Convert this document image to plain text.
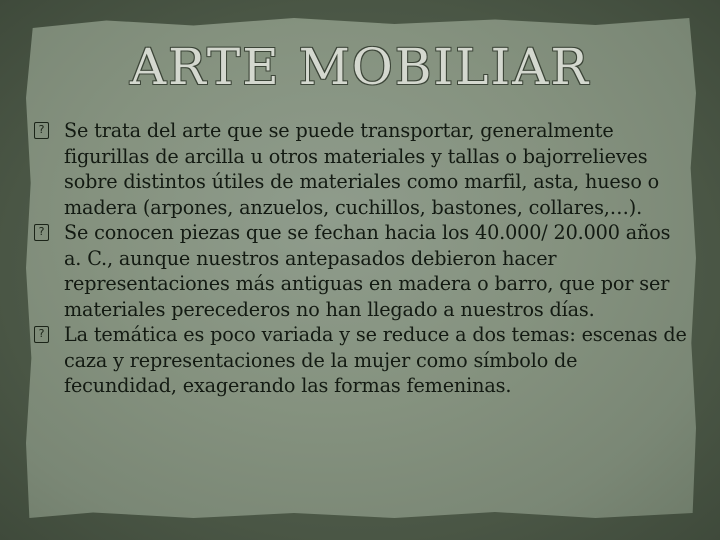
ARTE MOBILIAR

? Se trata del arte que se puede transportar, generalmente figurillas de arcilla u otros materiales y tallas o bajorrelieves sobre distintos útiles de materiales como marfil, asta, hueso o madera (arpones, anzuelos, cuchillos, bastones, collares,…).

? Se conocen piezas que se fechan hacia los 40.000/ 20.000 años a. C., aunque nuestros antepasados debieron hacer representaciones más antiguas en madera o barro, que por ser materiales perecederos no han llegado a nuestros días.

? La temática es poco variada y se reduce a dos temas: escenas de caza y representaciones de la mujer como símbolo de fecundidad, exagerando las formas femeninas.
